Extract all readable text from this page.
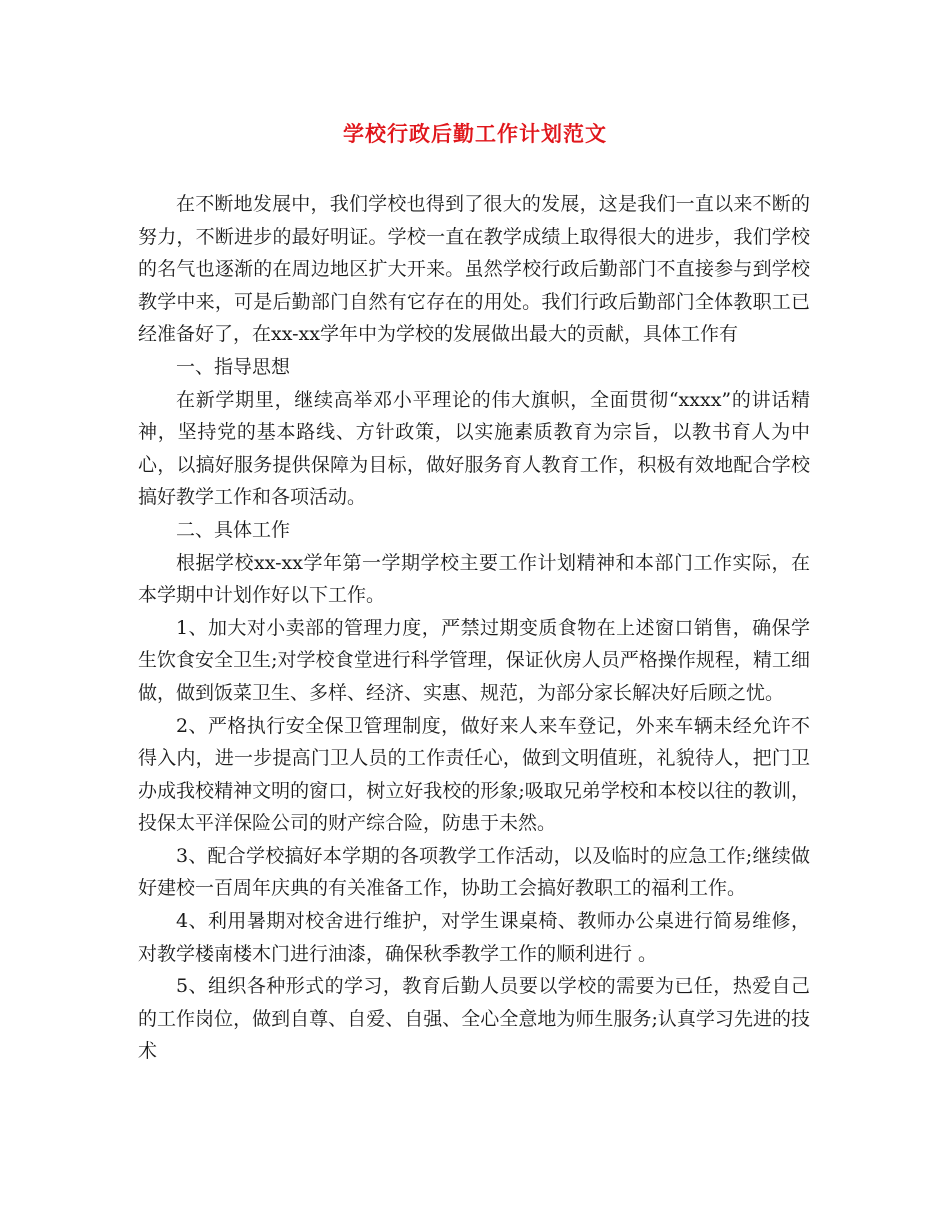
学校行政后勤工作计划范文

在不断地发展中，我们学校也得到了很大的发展，这是我们一直以来不断的努力，不断进步的最好明证。学校一直在教学成绩上取得很大的进步，我们学校的名气也逐渐的在周边地区扩大开来。虽然学校行政后勤部门不直接参与到学校教学中来，可是后勤部门自然有它存在的用处。我们行政后勤部门全体教职工已经准备好了，在xx-xx学年中为学校的发展做出最大的贡献，具体工作有

一、指导思想

在新学期里，继续高举邓小平理论的伟大旗帜，全面贯彻“xxxx”的讲话精神，坚持党的基本路线、方针政策，以实施素质教育为宗旨，以教书育人为中心，以搞好服务提供保障为目标，做好服务育人教育工作，积极有效地配合学校搞好教学工作和各项活动。

二、具体工作

根据学校xx-xx学年第一学期学校主要工作计划精神和本部门工作实际，在本学期中计划作好以下工作。

1、加大对小卖部的管理力度，严禁过期变质食物在上述窗口销售，确保学生饮食安全卫生;对学校食堂进行科学管理，保证伙房人员严格操作规程，精工细做，做到饭菜卫生、多样、经济、实惠、规范，为部分家长解决好后顾之忧。

2、严格执行安全保卫管理制度，做好来人来车登记，外来车辆未经允许不得入内，进一步提高门卫人员的工作责任心，做到文明值班，礼貌待人，把门卫办成我校精神文明的窗口，树立好我校的形象;吸取兄弟学校和本校以往的教训，投保太平洋保险公司的财产综合险，防患于未然。

3、配合学校搞好本学期的各项教学工作活动，以及临时的应急工作;继续做好建校一百周年庆典的有关准备工作，协助工会搞好教职工的福利工作。

4、利用暑期对校舍进行维护，对学生课桌椅、教师办公桌进行简易维修，对教学楼南楼木门进行油漆，确保秋季教学工作的顺利进行 。

5、组织各种形式的学习，教育后勤人员要以学校的需要为已任，热爱自己的工作岗位，做到自尊、自爱、自强、全心全意地为师生服务;认真学习先进的技术
